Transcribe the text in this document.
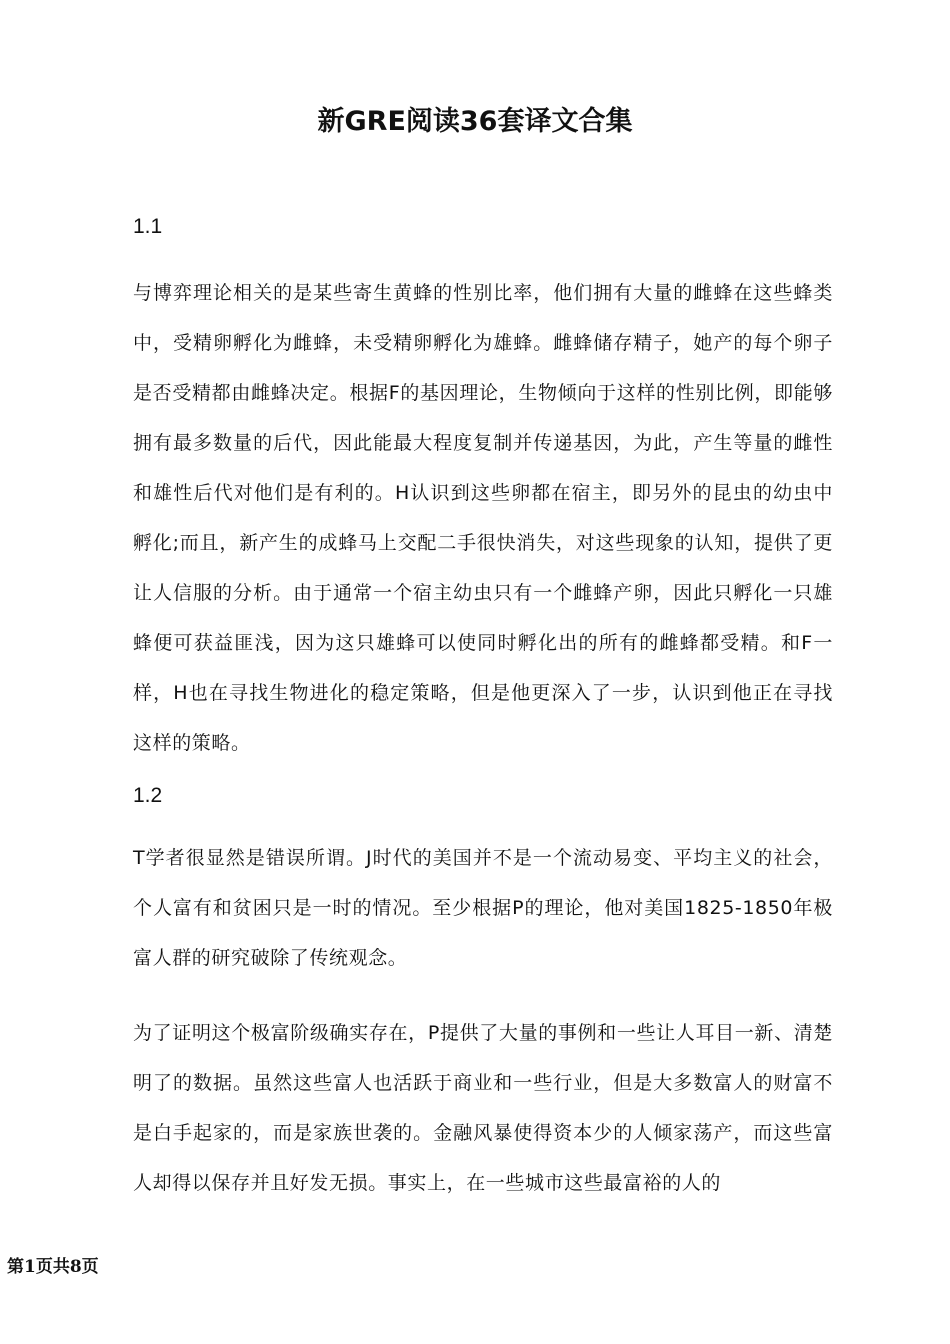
新GRE阅读36套译文合集
1.1

与博弈理论相关的是某些寄生黄蜂的性别比率，他们拥有大量的雌蜂在这些蜂类中，受精卵孵化为雌蜂，未受精卵孵化为雄蜂。雌蜂储存精子，她产的每个卵子是否受精都由雌蜂决定。根据F的基因理论，生物倾向于这样的性别比例，即能够拥有最多数量的后代，因此能最大程度复制并传递基因，为此，产生等量的雌性和雄性后代对他们是有利的。H认识到这些卵都在宿主，即另外的昆虫的幼虫中孵化;而且，新产生的成蜂马上交配二手很快消失，对这些现象的认知，提供了更让人信服的分析。由于通常一个宿主幼虫只有一个雌蜂产卵，因此只孵化一只雄蜂便可获益匪浅，因为这只雄蜂可以使同时孵化出的所有的雌蜂都受精。和F一样，H也在寻找生物进化的稳定策略，但是他更深入了一步，认识到他正在寻找这样的策略。

1.2

T学者很显然是错误所谓。J时代的美国并不是一个流动易变、平均主义的社会，个人富有和贫困只是一时的情况。至少根据P的理论，他对美国1825-1850年极富人群的研究破除了传统观念。

为了证明这个极富阶级确实存在，P提供了大量的事例和一些让人耳目一新、清楚明了的数据。虽然这些富人也活跃于商业和一些行业，但是大多数富人的财富不是白手起家的，而是家族世袭的。金融风暴使得资本少的人倾家荡产，而这些富人却得以保存并且好发无损。事实上，在一些城市这些最富裕的人的

第1页共8页
